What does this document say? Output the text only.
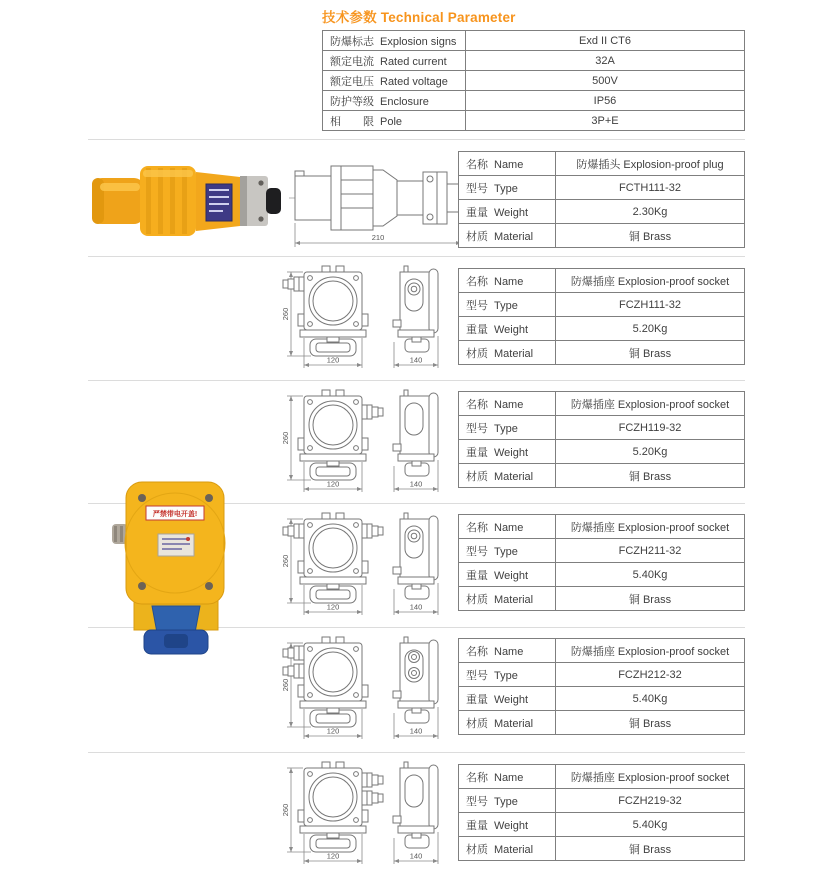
技术参数 Technical Parameter
防爆标志 Explosion signs	Exd II CT6
额定电流 Rated current	32A
额定电压 Rated voltage	500V
防护等级 Enclosure	IP56
相　　限 Pole	3P+E
210
名称 Name	防爆插头 Explosion-proof plug
型号 Type	FCTH111-32
重量 Weight	2.30Kg
材质 Material	铜 Brass
严禁带电开盖!
260
120	140
名称 Name	防爆插座 Explosion-proof socket
型号 Type	FCZH111-32
重量 Weight	5.20Kg
材质 Material	铜 Brass
260
120	140
名称 Name	防爆插座 Explosion-proof socket
型号 Type	FCZH119-32
重量 Weight	5.20Kg
材质 Material	铜 Brass
260
120	140
名称 Name	防爆插座 Explosion-proof socket
型号 Type	FCZH211-32
重量 Weight	5.40Kg
材质 Material	铜 Brass
260
120	140
名称 Name	防爆插座 Explosion-proof socket
型号 Type	FCZH212-32
重量 Weight	5.40Kg
材质 Material	铜 Brass
260
120	140
名称 Name	防爆插座 Explosion-proof socket
型号 Type	FCZH219-32
重量 Weight	5.40Kg
材质 Material	铜 Brass
